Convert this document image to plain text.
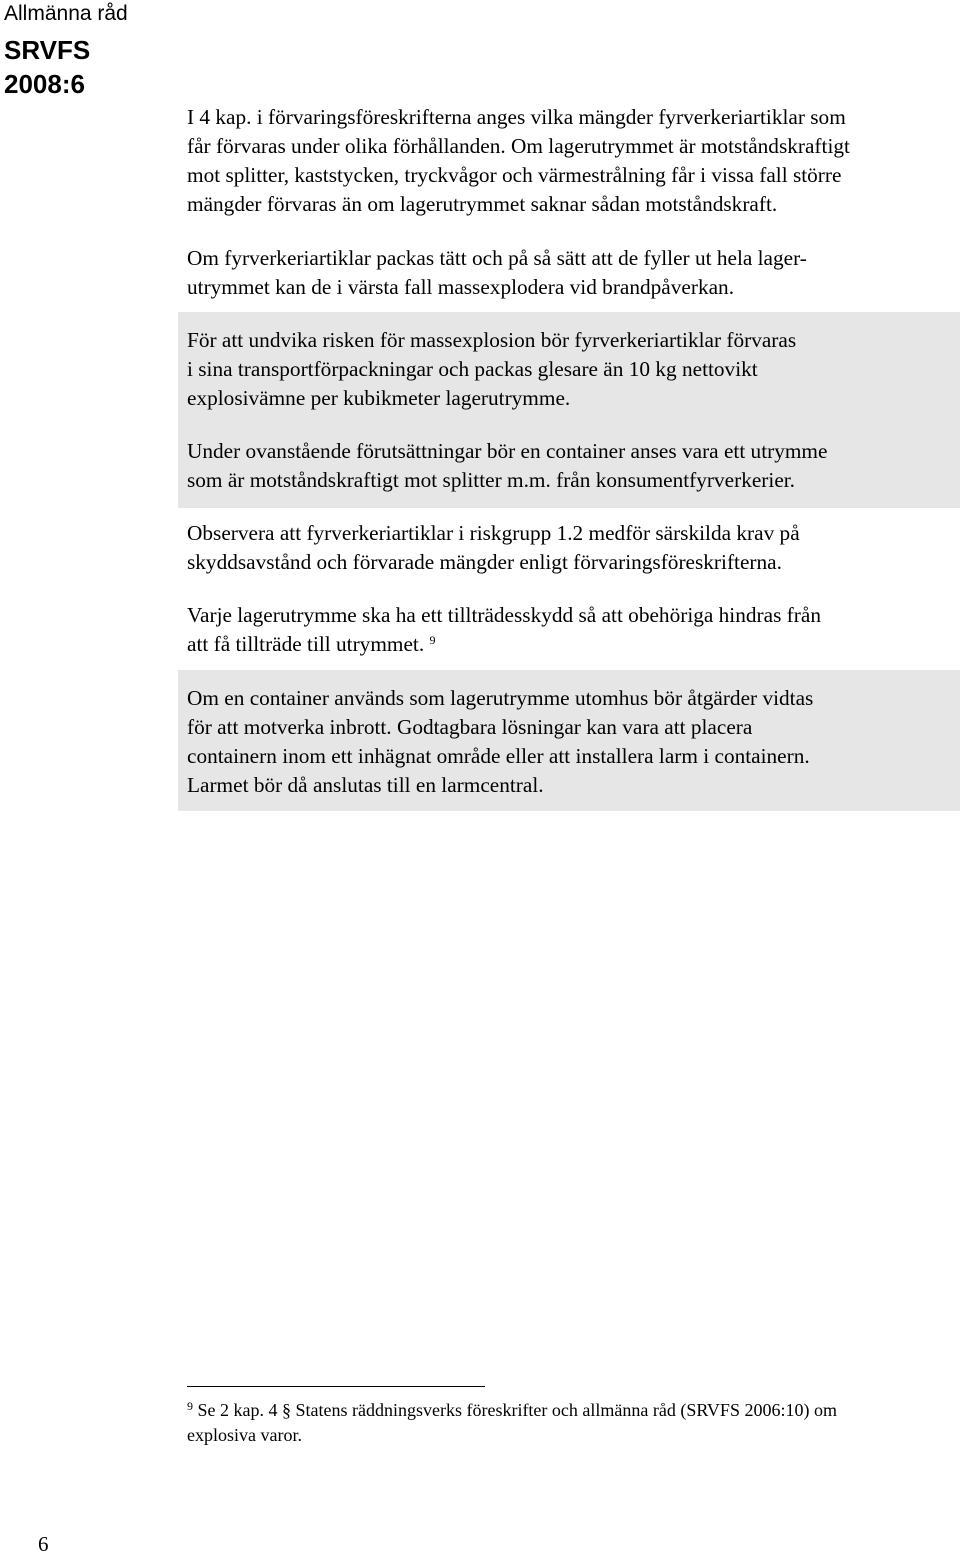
Allmänna råd
SRVFS
2008:6
I 4 kap. i förvaringsföreskrifterna anges vilka mängder fyrverkeriartiklar som
får förvaras under olika förhållanden. Om lagerutrymmet är motståndskraftigt
mot splitter, kaststycken, tryckvågor och värmestrålning får i vissa fall större
mängder förvaras än om lagerutrymmet saknar sådan motståndskraft.
Om fyrverkeriartiklar packas tätt och på så sätt att de fyller ut hela lager-
utrymmet kan de i värsta fall massexplodera vid brandpåverkan.
För att undvika risken för massexplosion bör fyrverkeriartiklar förvaras
i sina transportförpackningar och packas glesare än 10 kg nettovikt
explosivämne per kubikmeter lagerutrymme.
Under ovanstående förutsättningar bör en container anses vara ett utrymme
som är motståndskraftigt mot splitter m.m. från konsumentfyrverkerier.
Observera att fyrverkeriartiklar i riskgrupp 1.2 medför särskilda krav på
skyddsavstånd och förvarade mängder enligt förvaringsföreskrifterna.
Varje lagerutrymme ska ha ett tillträdesskydd så att obehöriga hindras från
att få tillträde till utrymmet. $^9$
Om en container används som lagerutrymme utomhus bör åtgärder vidtas
för att motverka inbrott. Godtagbara lösningar kan vara att placera
containern inom ett inhägnat område eller att installera larm i containern.
Larmet bör då anslutas till en larmcentral.
$^9$ Se 2 kap. 4 § Statens räddningsverks föreskrifter och allmänna råd (SRVFS 2006:10) om
explosiva varor.
6
